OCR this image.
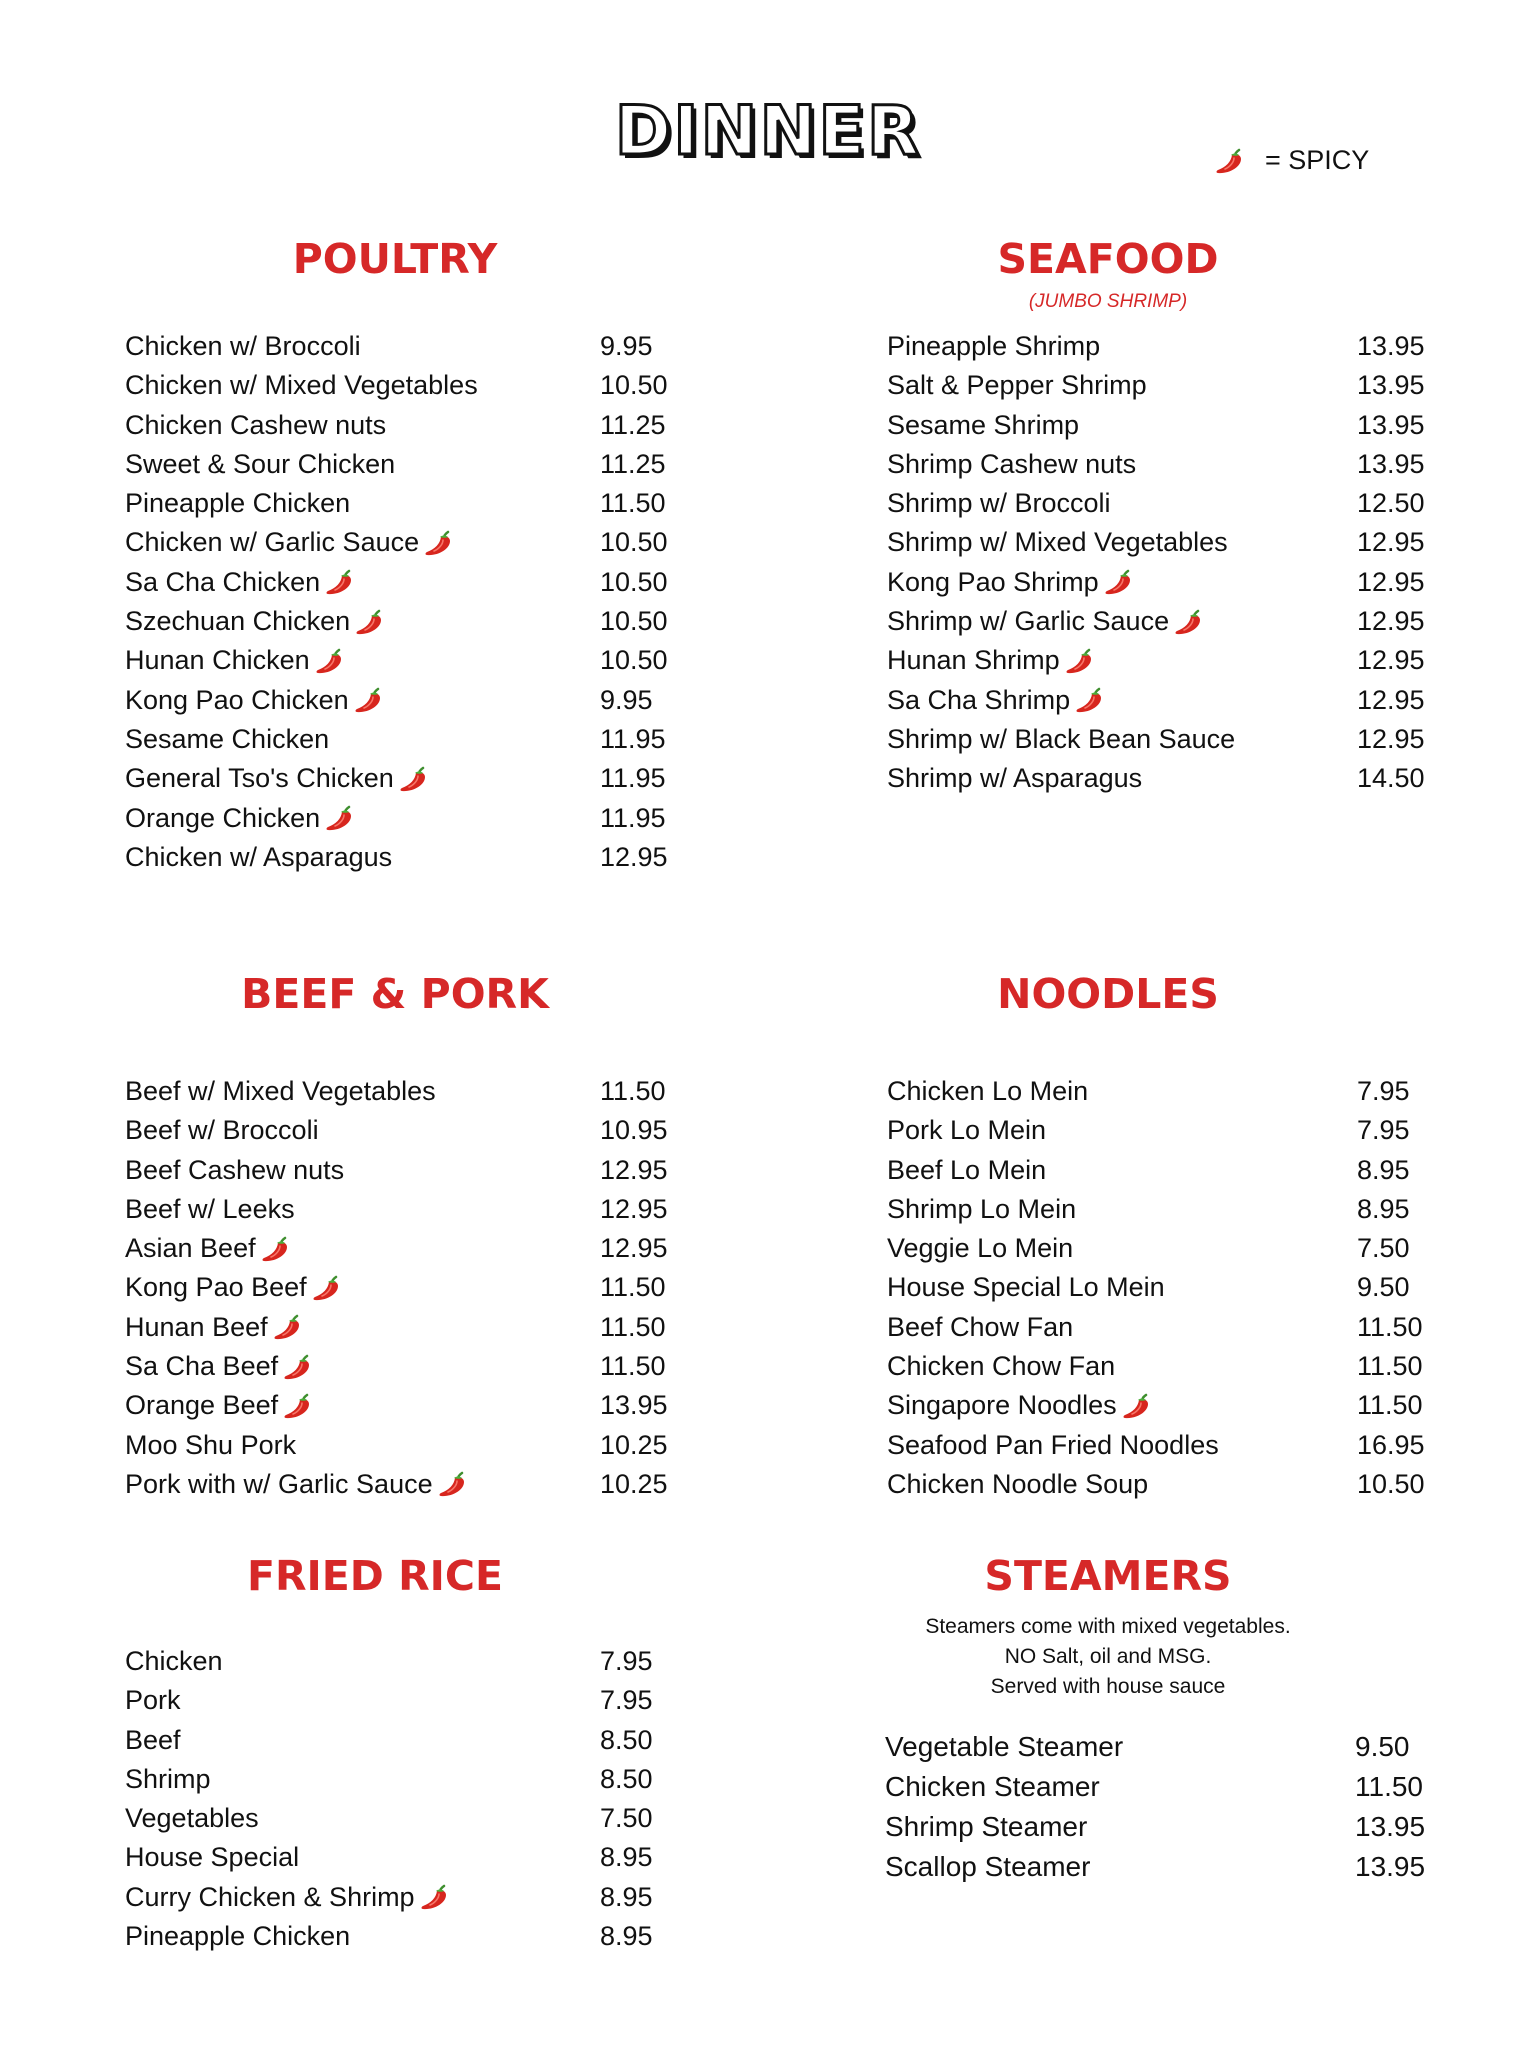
DINNER	= SPICY
POULTRY
Chicken w/ Broccoli	9.95
Chicken w/ Mixed Vegetables	10.50
Chicken Cashew nuts	11.25
Sweet & Sour Chicken	11.25
Pineapple Chicken	11.50
Chicken w/ Garlic Sauce	10.50
Sa Cha Chicken	10.50
Szechuan Chicken	10.50
Hunan Chicken	10.50
Kong Pao Chicken	9.95
Sesame Chicken	11.95
General Tso's Chicken	11.95
Orange Chicken	11.95
Chicken w/ Asparagus	12.95
SEAFOOD
(JUMBO SHRIMP)
Pineapple Shrimp	13.95
Salt & Pepper Shrimp	13.95
Sesame Shrimp	13.95
Shrimp Cashew nuts	13.95
Shrimp w/ Broccoli	12.50
Shrimp w/ Mixed Vegetables	12.95
Kong Pao Shrimp	12.95
Shrimp w/ Garlic Sauce	12.95
Hunan Shrimp	12.95
Sa Cha Shrimp	12.95
Shrimp w/ Black Bean Sauce	12.95
Shrimp w/ Asparagus	14.50
BEEF & PORK
Beef w/ Mixed Vegetables	11.50
Beef w/ Broccoli	10.95
Beef Cashew nuts	12.95
Beef w/ Leeks	12.95
Asian Beef	12.95
Kong Pao Beef	11.50
Hunan Beef	11.50
Sa Cha Beef	11.50
Orange Beef	13.95
Moo Shu Pork	10.25
Pork with w/ Garlic Sauce	10.25
NOODLES
Chicken Lo Mein	7.95
Pork Lo Mein	7.95
Beef Lo Mein	8.95
Shrimp Lo Mein	8.95
Veggie Lo Mein	7.50
House Special Lo Mein	9.50
Beef Chow Fan	11.50
Chicken Chow Fan	11.50
Singapore Noodles	11.50
Seafood Pan Fried Noodles	16.95
Chicken Noodle Soup	10.50
FRIED RICE
Chicken	7.95
Pork	7.95
Beef	8.50
Shrimp	8.50
Vegetables	7.50
House Special	8.95
Curry Chicken & Shrimp	8.95
Pineapple Chicken	8.95
STEAMERS
Steamers come with mixed vegetables.
NO Salt, oil and MSG.
Served with house sauce
Vegetable Steamer	9.50
Chicken Steamer	11.50
Shrimp Steamer	13.95
Scallop Steamer	13.95
